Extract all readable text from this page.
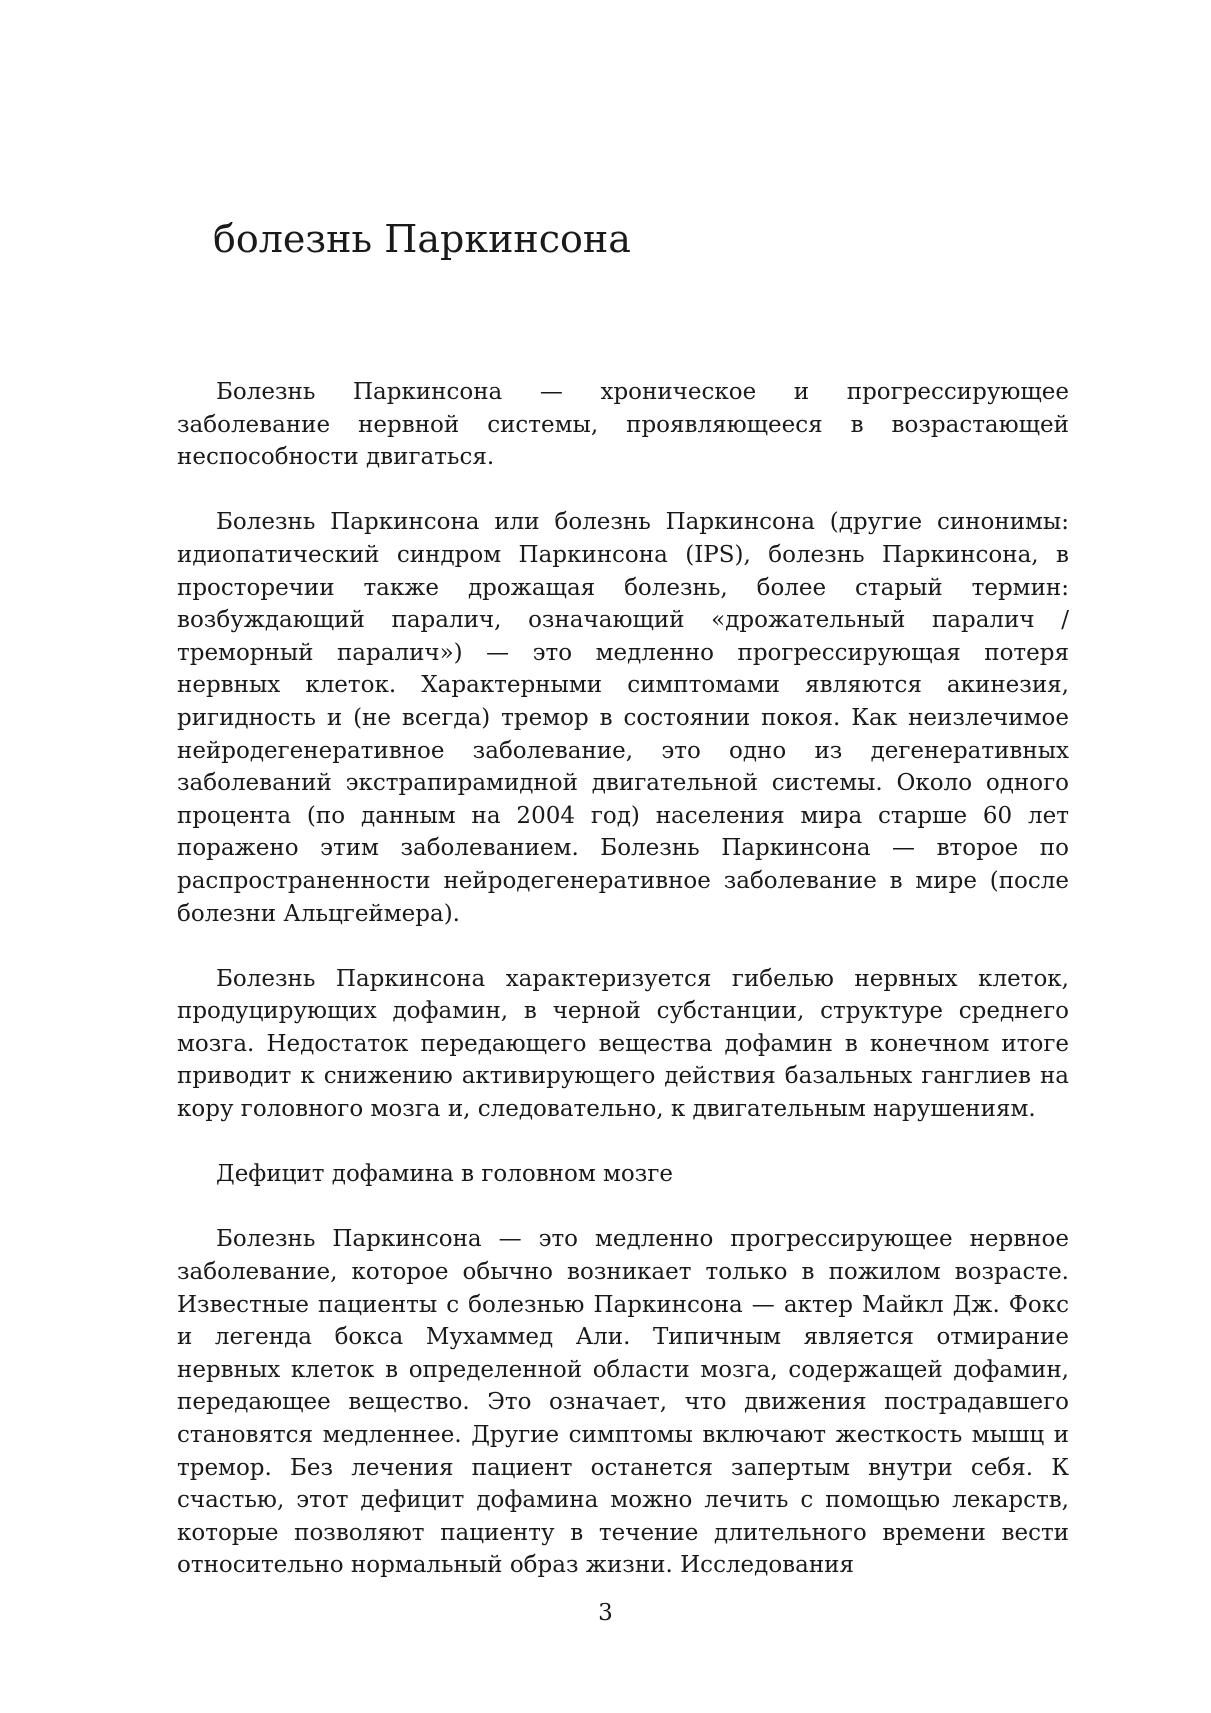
болезнь Паркинсона

Болезнь Паркинсона — хроническое и прогрессирующее заболевание нервной системы, проявляющееся в возрастающей неспособности двигаться.

Болезнь Паркинсона или болезнь Паркинсона (другие синонимы: идиопатический синдром Паркинсона (IPS), болезнь Паркинсона, в просторечии также дрожащая болезнь, более старый термин: возбуждающий паралич, означающий «дрожательный паралич / треморный паралич») — это медленно прогрессирующая потеря нервных клеток. Характерными симптомами являются акинезия, ригидность и (не всегда) тремор в состоянии покоя. Как неизлечимое нейродегенеративное заболевание, это одно из дегенеративных заболеваний экстрапирамидной двигательной системы. Около одного процента (по данным на 2004 год) населения мира старше 60 лет поражено этим заболеванием. Болезнь Паркинсона — второе по распространенности нейродегенеративное заболевание в мире (после болезни Альцгеймера).

Болезнь Паркинсона характеризуется гибелью нервных клеток, продуцирующих дофамин, в черной субстанции, структуре среднего мозга. Недостаток передающего вещества дофамин в конечном итоге приводит к снижению активирующего действия базальных ганглиев на кору головного мозга и, следовательно, к двигательным нарушениям.

Дефицит дофамина в головном мозге

Болезнь Паркинсона — это медленно прогрессирующее нервное заболевание, которое обычно возникает только в пожилом возрасте. Известные пациенты с болезнью Паркинсона — актер Майкл Дж. Фокс и легенда бокса Мухаммед Али. Типичным является отмирание нервных клеток в определенной области мозга, содержащей дофамин, передающее вещество. Это означает, что движения пострадавшего становятся медленнее. Другие симптомы включают жесткость мышц и тремор. Без лечения пациент останется запертым внутри себя. К счастью, этот дефицит дофамина можно лечить с помощью лекарств, которые позволяют пациенту в течение длительного времени вести относительно нормальный образ жизни. Исследования

3
